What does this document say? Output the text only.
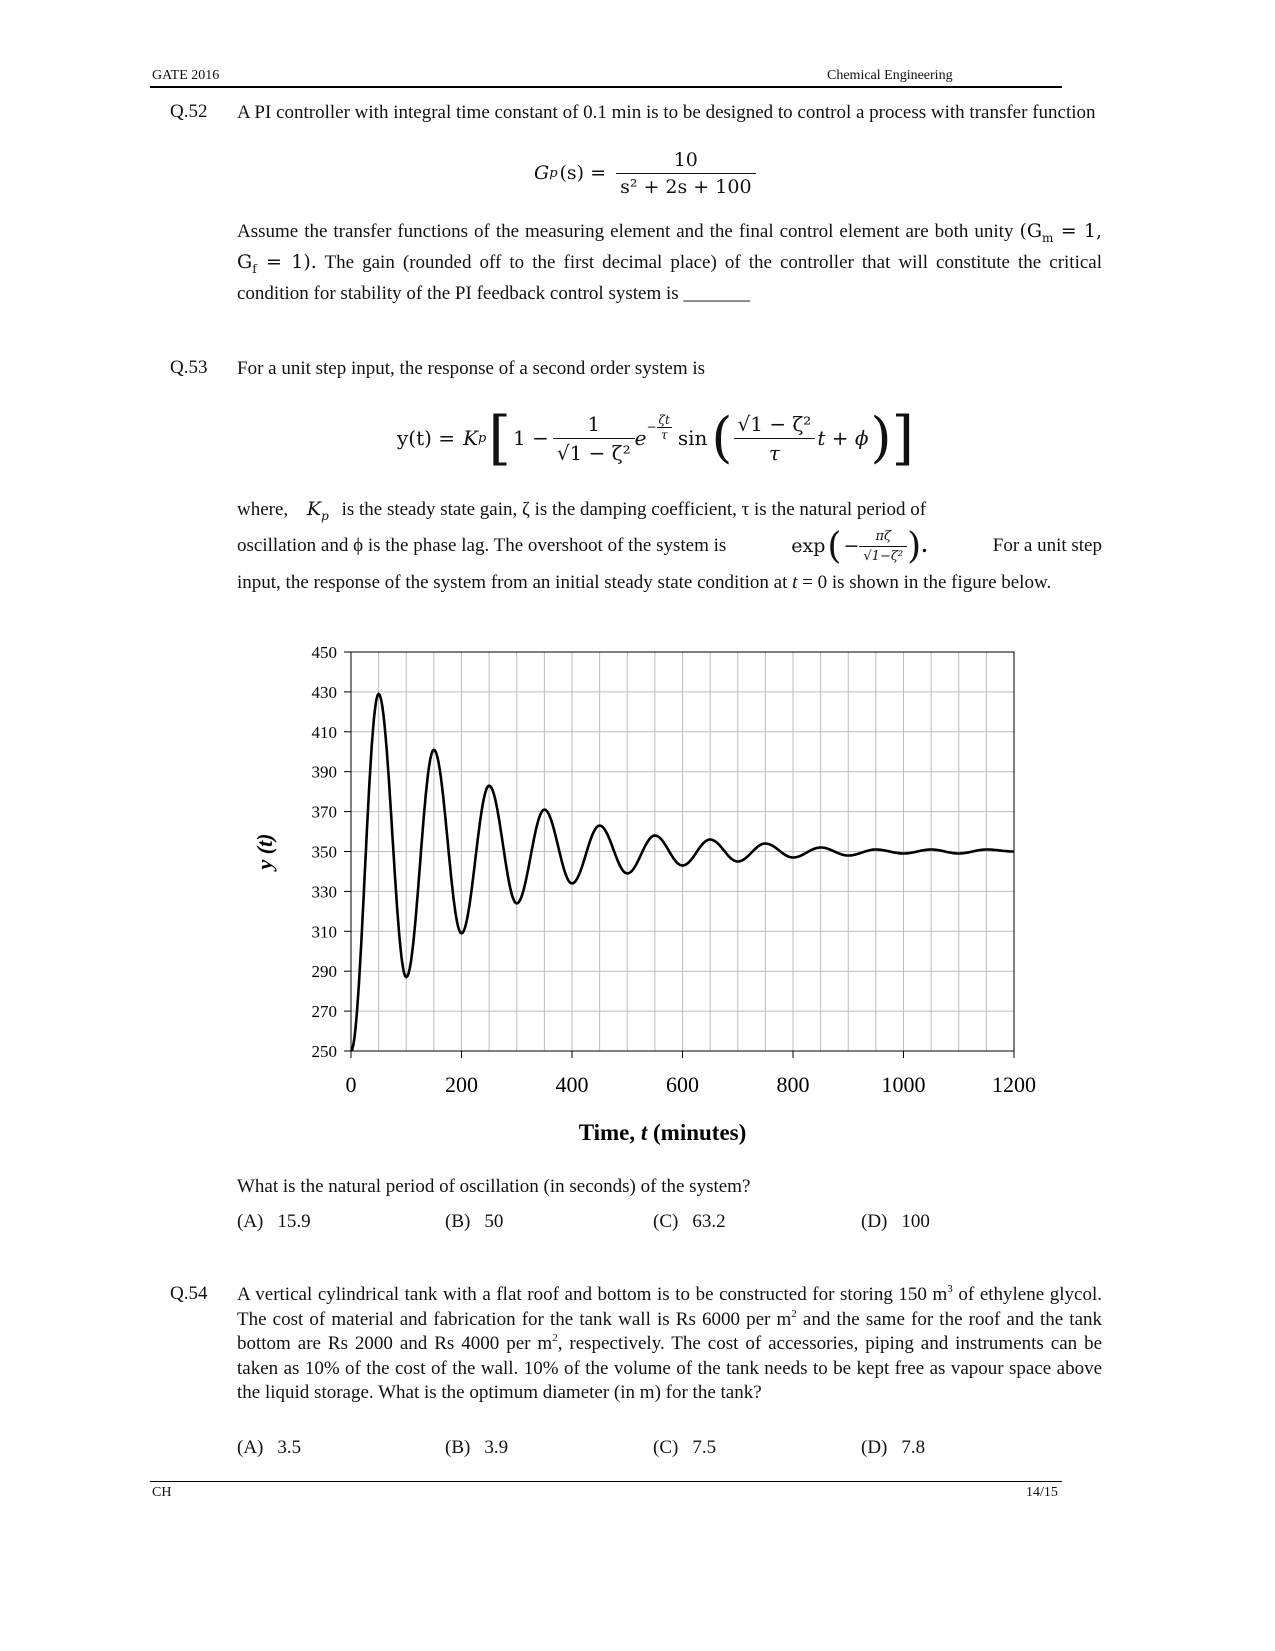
GATE 2016	Chemical Engineering
Q.52 A PI controller with integral time constant of 0.1 min is to be designed to control a process with transfer function
G p $(s) = \frac{10}{\text{s² + 2s + 100}}$
Assume the transfer functions of the measuring element and the final control element are both unity ($G_m = 1$, $G_f = 1$). The gain (rounded off to the first decimal place) of the controller that will constitute the critical condition for stability of the PI feedback control system is _______
Q.53 For a unit step input, the response of a second order system is
y(t) = K p [ $1 - \frac{1}{\text{√1 − ζ²}}$ $e - \frac{\zeta t}{\tau}$ sin ( $\frac{\text{√1 − ζ²}}{\tau}$ t + ϕ ) ]
where, $K_p$ is the steady state gain, ζ is the damping coefficient, τ is the natural period of
oscillation and ϕ is the phase lag. The overshoot of the system is	exp ( − $\frac{\pi\zeta}{\text{√1−ζ²}}$ ) .	For a unit step
input, the response of the system from an initial steady state condition at t = 0 is shown in the figure below.
250
270
290
310
330
350
370
390
410
430
450
0	200	400	600	800	1000	1200
y (t)
Time, t (minutes)
What is the natural period of oscillation (in seconds) of the system?
(A) 15.9	(B) 50	(C) 63.2	(D) 100
Q.54 A vertical cylindrical tank with a flat roof and bottom is to be constructed for storing 150 $m^3$ of ethylene glycol. The cost of material and fabrication for the tank wall is Rs 6000 per $m^2$ and the same for the roof and the tank bottom are Rs 2000 and Rs 4000 per $m^2$, respectively. The cost of accessories, piping and instruments can be taken as 10% of the cost of the wall. 10% of the volume of the tank needs to be kept free as vapour space above the liquid storage. What is the optimum diameter (in m) for the tank?
(A) 3.5	(B) 3.9	(C) 7.5	(D) 7.8
CH	14/15
